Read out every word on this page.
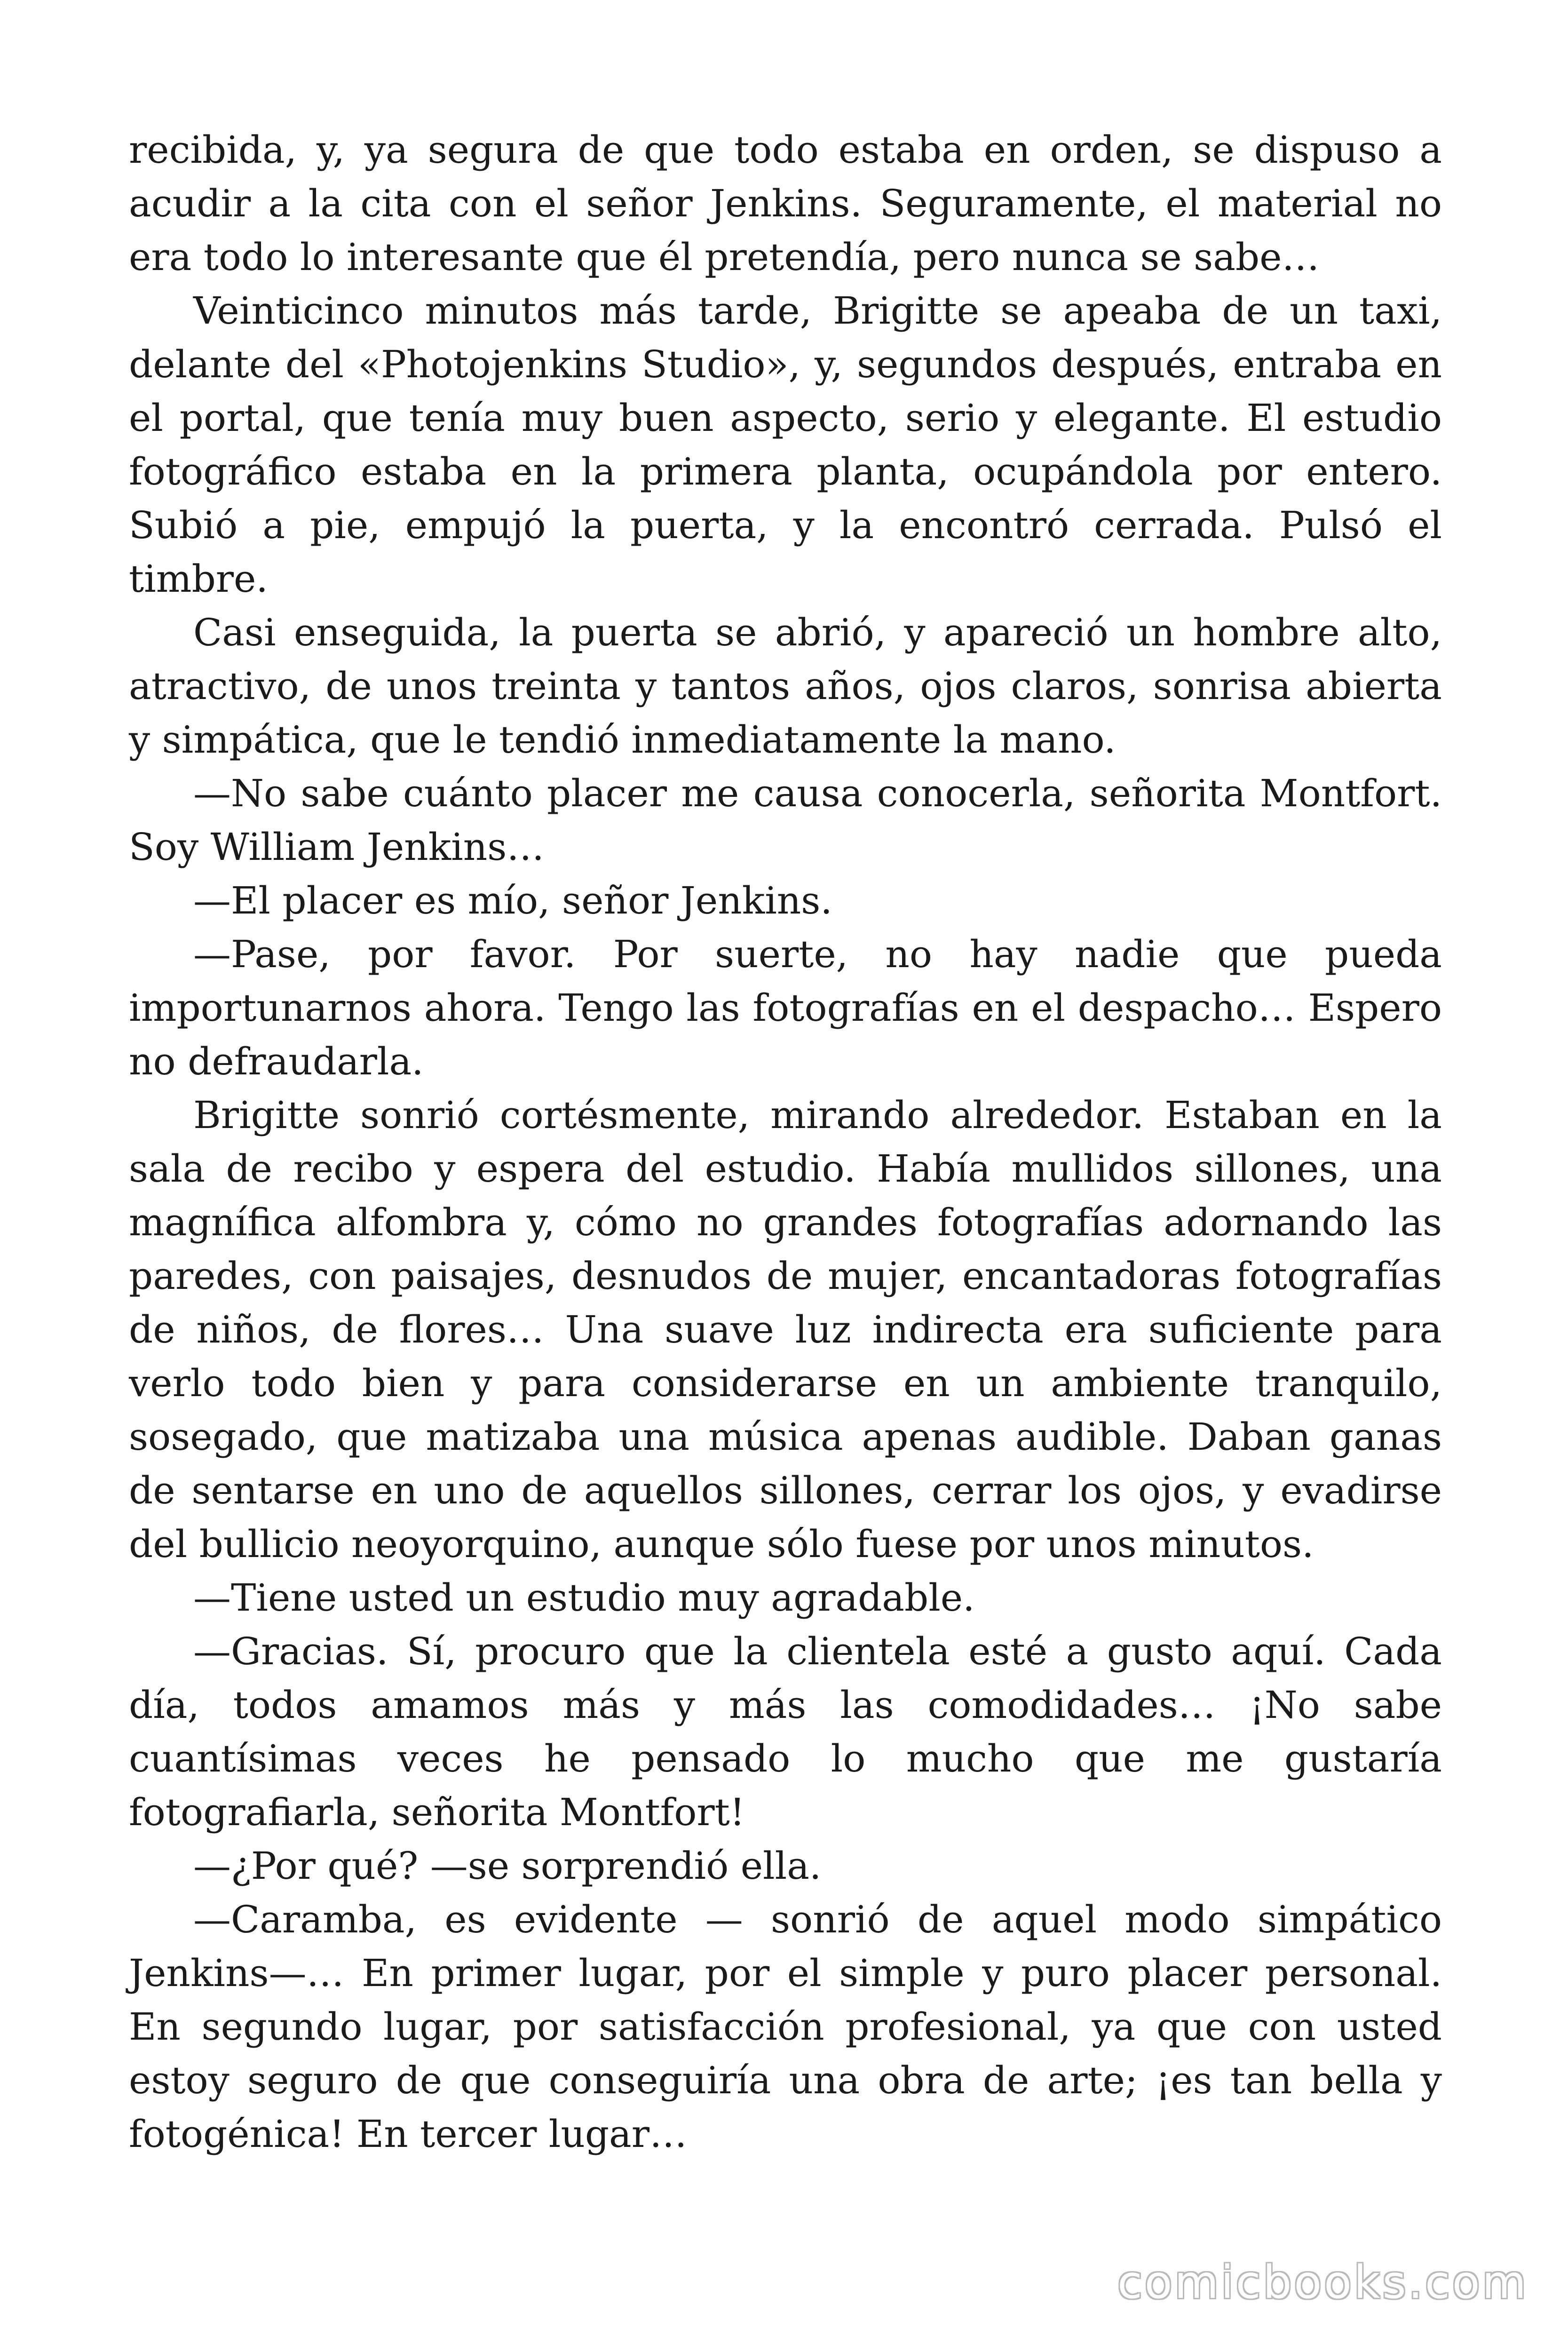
recibida, y, ya segura de que todo estaba en orden, se dispuso a acudir a la cita con el señor Jenkins. Seguramente, el material no era todo lo interesante que él pretendía, pero nunca se sabe…

Veinticinco minutos más tarde, Brigitte se apeaba de un taxi, delante del «Photojenkins Studio», y, segundos después, entraba en el portal, que tenía muy buen aspecto, serio y elegante. El estudio fotográfico estaba en la primera planta, ocupándola por entero. Subió a pie, empujó la puerta, y la encontró cerrada. Pulsó el timbre.

Casi enseguida, la puerta se abrió, y apareció un hombre alto, atractivo, de unos treinta y tantos años, ojos claros, sonrisa abierta y simpática, que le tendió inmediatamente la mano.

—No sabe cuánto placer me causa conocerla, señorita Montfort. Soy William Jenkins…

—El placer es mío, señor Jenkins.

—Pase, por favor. Por suerte, no hay nadie que pueda importunarnos ahora. Tengo las fotografías en el despacho… Espero no defraudarla.

Brigitte sonrió cortésmente, mirando alrededor. Estaban en la sala de recibo y espera del estudio. Había mullidos sillones, una magnífica alfombra y, cómo no grandes fotografías adornando las paredes, con paisajes, desnudos de mujer, encantadoras fotografías de niños, de flores… Una suave luz indirecta era suficiente para verlo todo bien y para considerarse en un ambiente tranquilo, sosegado, que matizaba una música apenas audible. Daban ganas de sentarse en uno de aquellos sillones, cerrar los ojos, y evadirse del bullicio neoyorquino, aunque sólo fuese por unos minutos.

—Tiene usted un estudio muy agradable.

—Gracias. Sí, procuro que la clientela esté a gusto aquí. Cada día, todos amamos más y más las comodidades… ¡No sabe cuantísimas veces he pensado lo mucho que me gustaría fotografiarla, señorita Montfort!

—¿Por qué? —se sorprendió ella.

—Caramba, es evidente — sonrió de aquel modo simpático Jenkins—… En primer lugar, por el simple y puro placer personal. En segundo lugar, por satisfacción profesional, ya que con usted estoy seguro de que conseguiría una obra de arte; ¡es tan bella y fotogénica! En tercer lugar…

comicbooks.com
